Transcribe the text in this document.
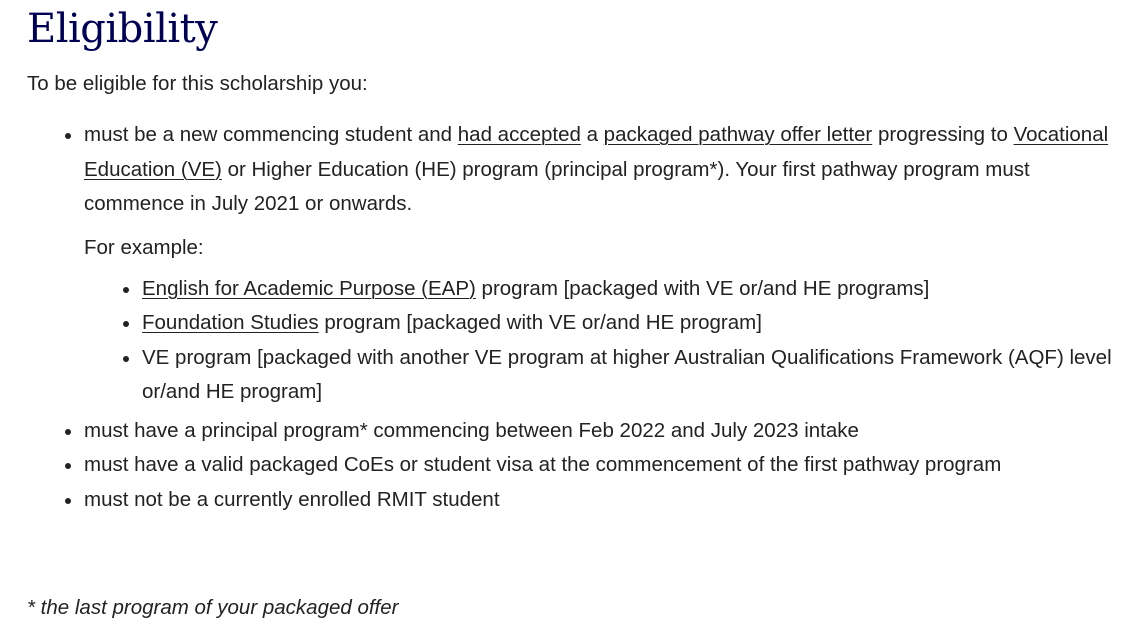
Eligibility

To be eligible for this scholarship you:

must be a new commencing student and had accepted a packaged pathway offer letter progressing to Vocational Education (VE) or Higher Education (HE) program (principal program*). Your first pathway program must commence in July 2021 or onwards.

For example:

English for Academic Purpose (EAP) program [packaged with VE or/and HE programs]
Foundation Studies program [packaged with VE or/and HE program]
VE program [packaged with another VE program at higher Australian Qualifications Framework (AQF) level or/and HE program]
must have a principal program* commencing between Feb 2022 and July 2023 intake
must have a valid packaged CoEs or student visa at the commencement of the first pathway program
must not be a currently enrolled RMIT student

* the last program of your packaged offer
